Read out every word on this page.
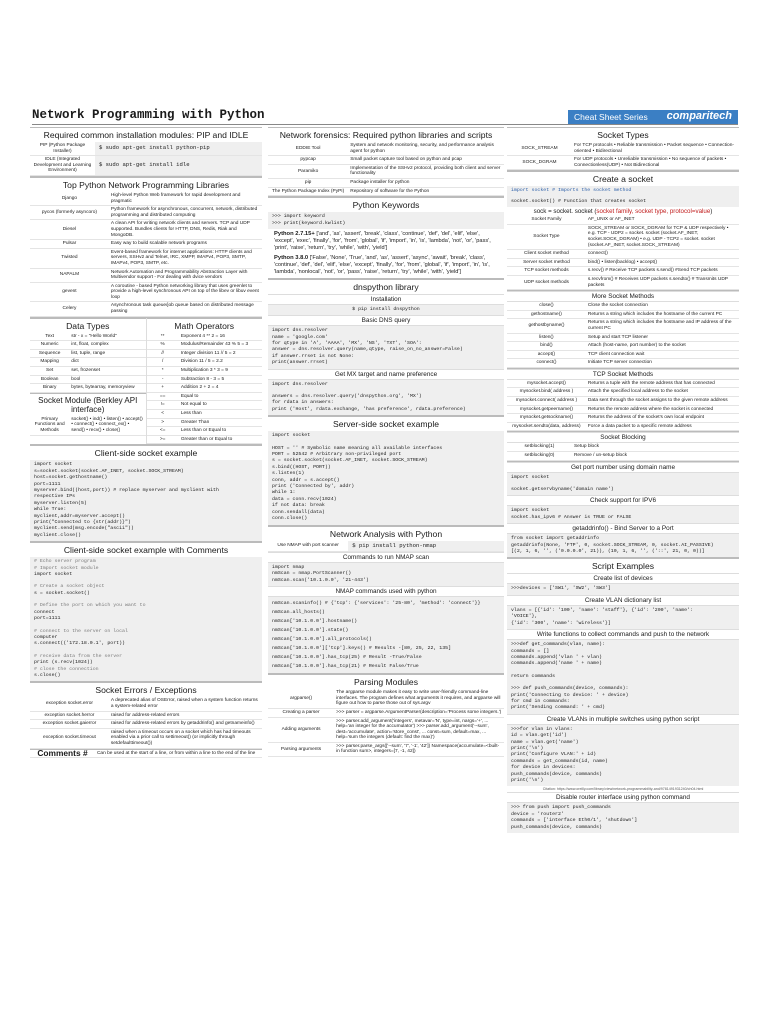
Network Programming with Python	Cheat Sheet Series comparitech
Required common installation modules: PIP and IDLE
PIP (Python Package Installer)	$ sudo apt-get install python-pip
IDLE (Integrated Development and Learning Environment)	$ sudo apt-get install idle
Top Python Network Programming Libraries
Django	High-level Python Web framework for rapid development and pragmatic
pycos (formerly asyncoro)	Python framework for asynchronous, concurrent, network, distributed programming and distributed computing
Diesel	A clean API for writing network clients and servers. TCP and UDP supported. Bundles clients for HTTP, DNS, Redis, Riak and MongoDB.
Pulsar	Easy way to build scalable network programs
Twisted	Event-based framework for internet applications: HTTP clients and servers, SSHv2 and Telnet, IRC, XMPP, IMAPv4, POP3, SMTP, IMAPv4, POP3, SMTP, etc.
NAPALM	Network Automation and Programmability Abstraction Layer with Multivendor support - For dealing with dvice vendors
gevent	A coroutine - based Python networking library that uses greenlet to provide a high-level synchronous API on top of the libev or libuv event loop
Celery	Asynchronous task queue/job queue based on distributed message passing
Data Types
Text	str - x = "Hello World"
Numeric	int, float, complex
Sequence	list, tuple, range
Mapping	dict
Set	set, frozenset
Boolean	bool
Binary	bytes, bytearray, memoryview
Socket Module (Berkley API interface)
Primary Functions and Methods	socket() • ind() • listen() • accept() • connect() • connect_ex() • send() • recv() • close()
Math Operators
**	Exponent 4 ** 2 = 16
%	Modulus/Remainder 43 % 5 = 3
//	Integer division 11 // 5 = 2
/	Division 11 / 5 = 2.2
*	Multiplication 3 * 3 = 9
-	Subtraction 8 - 3 = 5
+	Addition 2 + 2 = 4
==	Equal to
!=	Not equal to
<	Less than
>	Greater Than
<=	Less than or Equal to
>=	Greater than or Equal to
Client-side socket example
import socket
s=socket.socket(socket.AF_INET, socket.SOCK_STREAM)
host=socket.gethostname()
port=1111
myserver.bind((host,port)) # replace myserver and myclient with
respective IPs
myserver.listen(5)
while True:
myclient,addr=myserver.accept()
print("Connected to {str(addr)}")
myclient.send(msg.encode("ascii"))
myclient.close()
Client-side socket example with Comments
# Echo server program
# Import socket module
import socket
# Create a socket object
s = socket.socket()
# Define the port on which you want to
connect
port=1111
# connect to the server on local
computer
s.connect(('172.18.0.1', port))
# receive data from the server
print (s.recv(1024))
# close the connection
s.close()
Socket Errors / Exceptions
exception socket.error	A deprecated alias of OSError, raised when a system function returns a system-related error
exception socket.herror	raised for address-related errors
exception socket.gaierror	raised for address-related errors by getaddrinfo() and getnameinfo()
exception socket.timeout	raised when a timeout occurs on a socket which has had timeouts enabled via a prior call to settimeout() (or implicitly through setdefaulttimeout())
Comments #	Can be used at the start of a line, or from within a line to the end of the line
Network forensics: Required python libraries and scripts
EDDIE Tool	System and network monitoring, security, and performance analysis agent for python
pypcap	Small packet capture tool based on python and pcap
Paramiko	Implementation of the SSHv2 protocol, providing both client and server functionality
pip	Package installer for python
The Python Package Index (PyPI)	Repository of software for the Python
Python Keywords
>>> import keyword
>>> print(keyword.kwlist)
Python 2.7.15+ ['and', 'as', 'assert', 'break', 'class', 'continue', 'def', 'del', 'elif', 'else', 'except', 'exec', 'finally', 'for', 'from', 'global', 'if', 'import', 'in', 'is', 'lambda', 'not', 'or', 'pass', 'print', 'raise', 'return', 'try', 'while', 'with', 'yield']
Python 3.8.0 ['False', 'None', 'True', 'and', 'as', 'assert', 'async', 'await', 'break', 'class', 'continue', 'def', 'del', 'elif', 'else', 'except', 'finally', 'for', 'from', 'global', 'if', 'import', 'in', 'is', 'lambda', 'nonlocal', 'not', 'or', 'pass', 'raise', 'return', 'try', 'while', 'with', 'yield']
dnspython library
Installation
$ pip install dnspython
Basic DNS query
import dns.resolver
name = 'google.com'
for qtype in 'A', 'AAAA', 'MX', 'NS', 'TXT', 'SOA':
answer = dns.resolver.query(name,qtype, raise_on_no_answer=False)
if answer.rrset is not None:
print(answer.rrset)
Get MX target and name preference
import dns.resolver
answers = dns.resolver.query('dnspython.org', 'MX')
for rdata in answers:
print ('Host', rdata.exchange, 'has preference', rdata.preference)
Server-side socket example
import socket
HOST = '' # Symbolic name meaning all available interfaces
PORT = 52542 # Arbitrary non-privileged port
s = socket.socket(socket.AF_INET, socket.SOCK_STREAM)
s.bind((HOST, PORT))
s.listen(1)
conn, addr = s.accept()
print ('Connected by', addr)
while 1:
data = conn.recv(1024)
if not data: break
conn.sendall(data)
conn.close()
Network Analysis with Python
Use NMAP with port scanner	$ pip install python-nmap
Commands to run NMAP scan
import nmap
nmScan = nmap.PortScanner()
nmScan.scan('10.1.0.0', '21-443')
NMAP commands used with python
nmScan.scaninfo() # {'tcp': {'services': '25-80', 'method': 'connect'}}
nmScan.all_hosts()
nmScan['10.1.0.0'].hostname()
nmScan['10.1.0.0'].state()
nmScan['10.1.0.0'].all_protocols()
nmScan['10.1.0.0']['tcp'].keys() # Results -[80, 25, 22, 135]
nmScan['10.1.0.0'].has_tcp(25) # Result -True/False
nmScan['10.1.0.0'].has_tcp(21) # Result False/True
Parsing Modules
argparse()	The argparse module makes it easy to write user-friendly command-line interfaces. The program defines what arguments it requires, and argparse will figure out how to parse those out of sys.argv
Creating a parser	>>> parser = argparse.ArgumentParser(description='Process some integers.')
Adding arguments	>>> parser.add_argument('integers', metavar='N', type=int, nargs='+', ... help='an integer for the accumulator') >>> parser.add_argument('--sum', dest='accumulate', action='store_const', ... const=sum, default=max, ... help='sum the integers (default: find the max)')
Parsing arguments	>>> parser.parse_args(['--sum', '7', '-1', '42']) Namespace(accumulate=<built-in function sum>, integers=[7, -1, 42])
Socket Types
SOCK_STREAM	For TCP protocols • Reliable transmission • Packet sequence • Connection-oriented • Bidirectional
SOCK_DGRAM	For UDP protocols • Unreliable transmission • No sequence of packets • Connectionless(UDP) • Not Bidirectional
Create a socket
import socket # Imports the socket method
socket.socket() # Function that creates socket
sock = socket. socket (socket family, socket type, protocol=value)
Socket Family	AF_UNIX or AF_INET
Socket Type	SOCK_STREAM or SOCK_DGRAM for TCP & UDP respectively • e.g. TCP - UDP2 = socket. socket (socket.AF_INET, socket.SOCK_DGRAM) • e.g. UDP - TCP2 = socket. socket (socket.AF_INET, socket.SOCK_STREAM)
Client socket method	connect()
Server socket method	bind() • listen(backlog) • accept()
TCP socket methods	s.recv() # Receive TCP packets s.send() #Send TCP packets
UDP socket methods	s.recvfrom() # Receives UDP packets s.sendto() # Transmits UDP packets
More Socket Methods
close()	Close the socket connection
gethostname()	Returns a string which includes the hostname of the current PC
gethostbyname()	Returns a string which includes the hostname and IP address of the current PC
listen()	Setup and start TCP listener
bind()	Attach (host-name, port number) to the socket
accept()	TCP client connection wait
connect()	Initiate TCP server connection
TCP Socket Methods
mysocket.accept()	Returns a tuple with the remote address that has connected
mysocket.bind( address )	Attach the specified local address to the socket
mysocket.connect( address )	Data sent through the socket assigns to the given remote address
mysocket.getpeername()	Returns the remote address where the socket is connected
mysocket.getsockname()	Returns the address of the socket's own local endpoint
mysocket.sendto(data, address)	Force a data packet to a specific remote address
Socket Blocking
setblocking(1)	Setup block
setblocking(0)	Remove / un-setup block
Get port number using domain name
import socket
socket.getservbyname('domain name')
Check support for IPV6
import socket
socket.has_ipv6 # Answer is TRUE or FALSE
getaddrinfo() - Bind Server to a Port
from socket import getaddrinfo
getaddrinfo(None, 'FTP', 0, socket.SOCK_STREAM, 0, socket.AI_PASSIVE)
[(2, 1, 6, '', ('0.0.0.0', 21)), (10, 1, 6, '', ('::', 21, 0, 0))]
Script Examples
Create list of devices
>>>devices = ['SW1', 'SW2', 'SW3']
Create VLAN dictionary list
vlans = [{'id': '100', 'name': 'staff'}, {'id': '200', 'name':
'VOICE'},
{'id': '300', 'name': 'wireless'}]
Write functions to collect commands and push to the network
>>>def get_commands(vlan, name):
commands = []
commands.append('vlan ' + vlan)
commands.append('name ' + name)
return commands
>>> def push_commands(device, commands):
print('Connecting to device: ' + device)
for cmd in commands:
print('Sending command: ' + cmd)
Create VLANs in multiple switches using python script
>>>for vlan in vlans:
id = vlan.get('id')
name = vlan.get('name')
print('\n')
print('Configure VLAN:' + id)
commands = get_commands(id, name)
for device in devices:
push_commands(device, commands)
print('\n')
Citation: https://www.oreilly.com/library/view/network-programmability-and/9781491931240/ch04.html
Disable router interface using python command
>>> from push import push_commands
device = 'router2'
commands = ['interface Eth0/1', 'shutdown']
push_commands(device, commands)
